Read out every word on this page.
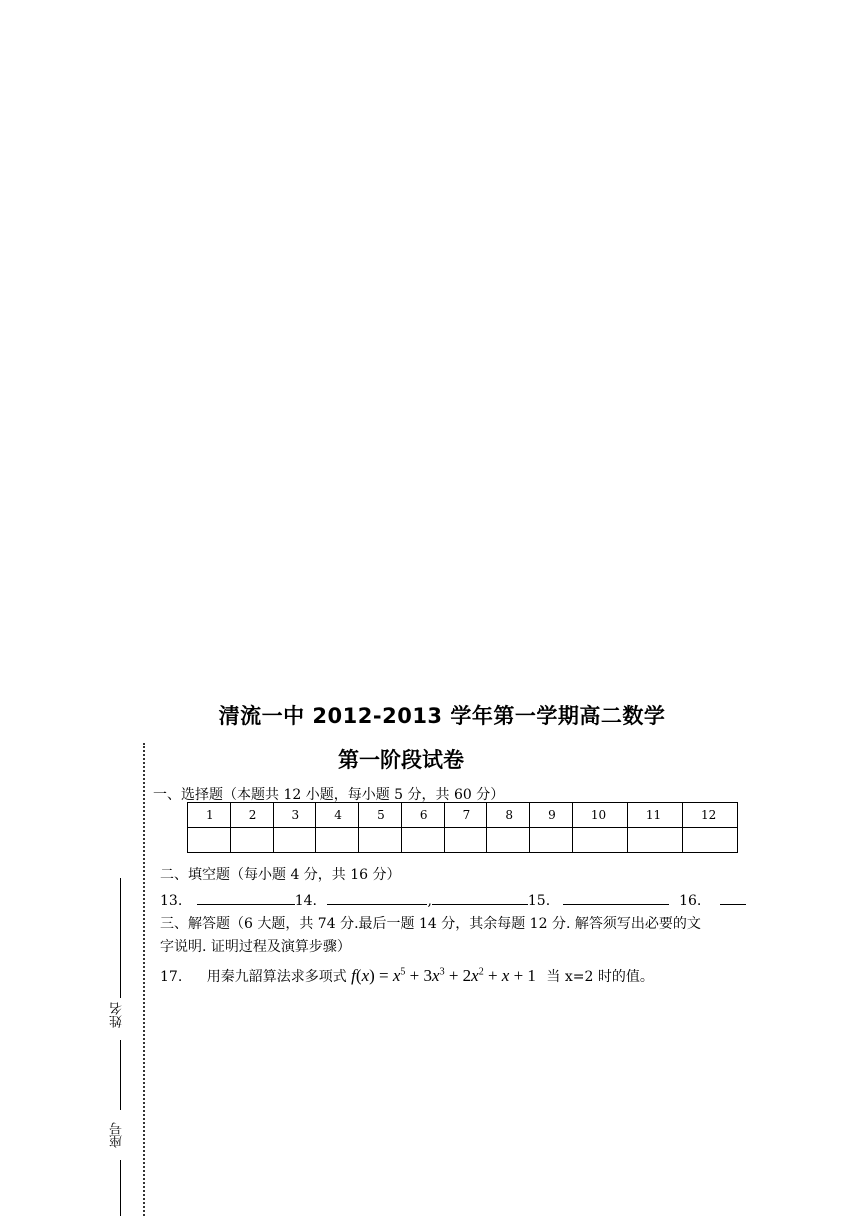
清流一中 2012-2013 学年第一学期高二数学
第一阶段试卷
姓名
座号
一、选择题（本题共 12 小题，每小题 5 分，共 60 分）
1	2	3	4	5	6	7	8	9	10	11	12

二、填空题（每小题 4 分，共 16 分）
13.	14.	,	15.	16.
三、解答题（6 大题，共 74 分.最后一题 14 分，其余每题 12 分. 解答须写出必要的文
字说明. 证明过程及演算步骤）
17. 用秦九韶算法求多项式 $f(x) = x^5 + 3x^3 + 2x^2 + x + 1$ 当 x=2 时的值。
